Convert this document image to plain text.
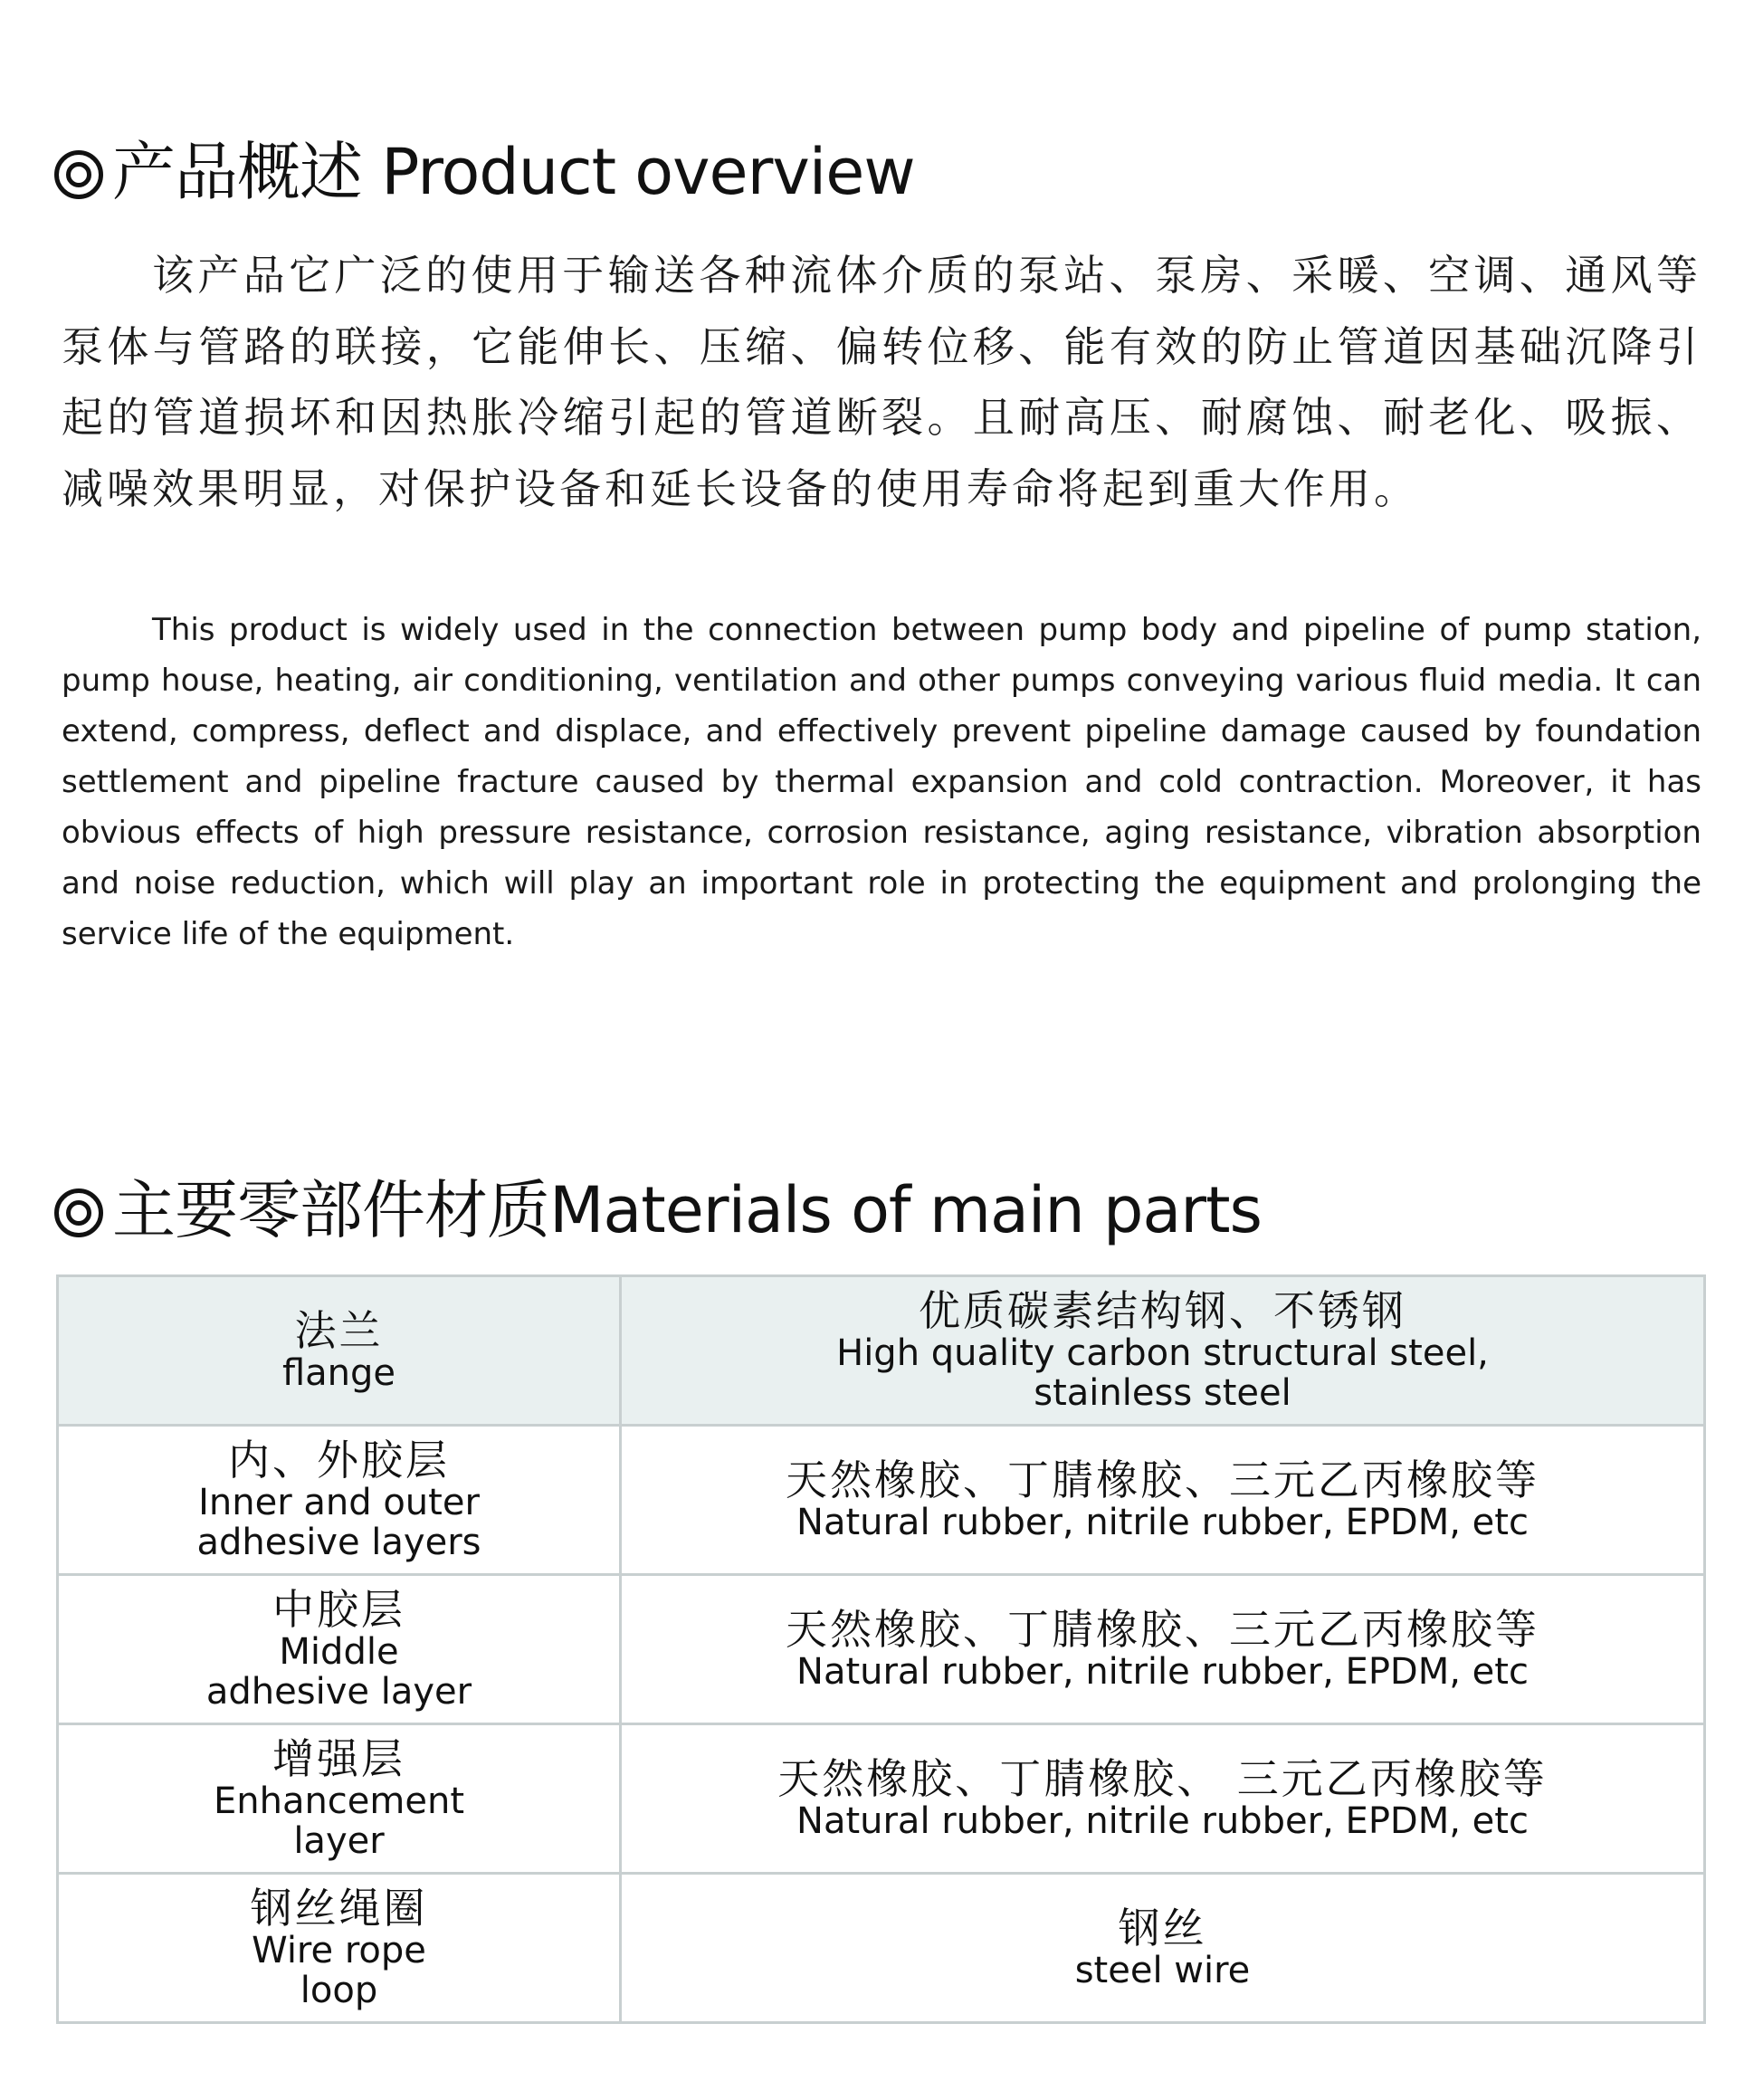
产品概述 Product overview

该产品它广泛的使用于输送各种流体介质的泵站、泵房、采暖、空调、通风等泵体与管路的联接，它能伸长、压缩、偏转位移、能有效的防止管道因基础沉降引起的管道损坏和因热胀冷缩引起的管道断裂。且耐高压、耐腐蚀、耐老化、吸振、减噪效果明显，对保护设备和延长设备的使用寿命将起到重大作用。

This product is widely used in the connection between pump body and pipeline of pump station, pump house, heating, air conditioning, ventilation and other pumps conveying various fluid media. It can extend, compress, deflect and displace, and effectively prevent pipeline damage caused by foundation settlement and pipeline fracture caused by thermal expansion and cold contraction. Moreover, it has obvious effects of high pressure resistance, corrosion resistance, aging resistance, vibration absorption and noise reduction, which will play an important role in protecting the equipment and prolonging the service life of the equipment.

主要零部件材质Materials of main parts
法兰
flange	优质碳素结构钢、不锈钢
High quality carbon structural steel,
stainless steel

内、外胶层
Inner and outer
adhesive layers	天然橡胶、丁腈橡胶、三元乙丙橡胶等
Natural rubber, nitrile rubber, EPDM, etc

中胶层
Middle
adhesive layer	天然橡胶、丁腈橡胶、三元乙丙橡胶等
Natural rubber, nitrile rubber, EPDM, etc

增强层
Enhancement
layer	天然橡胶、丁腈橡胶、 三元乙丙橡胶等
Natural rubber, nitrile rubber, EPDM, etc

钢丝绳圈
Wire rope
loop	钢丝
steel wire
